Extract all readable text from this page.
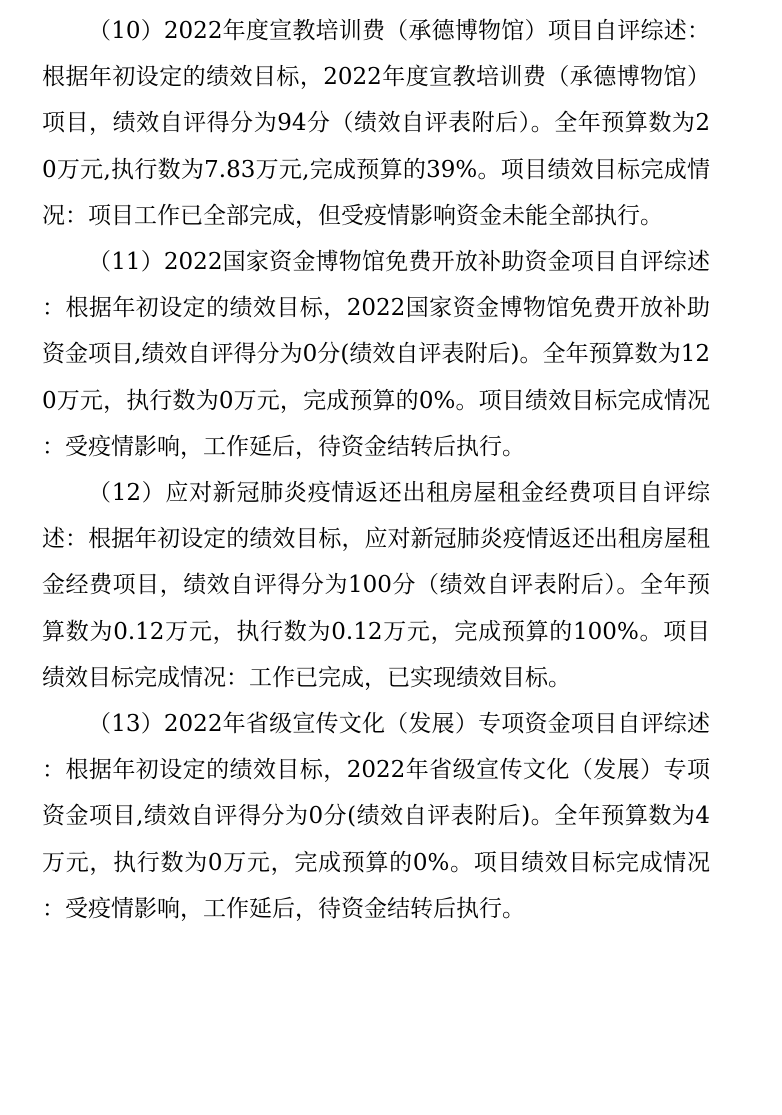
（10）2022年度宣教培训费（承德博物馆）项目自评综述：根据年初设定的绩效目标，2022年度宣教培训费（承德博物馆）项目，绩效自评得分为94分（绩效自评表附后）。全年预算数为20万元,执行数为7.83万元,完成预算的39%。项目绩效目标完成情况：项目工作已全部完成，但受疫情影响资金未能全部执行。

（11）2022国家资金博物馆免费开放补助资金项目自评综述：根据年初设定的绩效目标，2022国家资金博物馆免费开放补助资金项目,绩效自评得分为0分(绩效自评表附后)。全年预算数为120万元，执行数为0万元，完成预算的0%。项目绩效目标完成情况：受疫情影响，工作延后，待资金结转后执行。

（12）应对新冠肺炎疫情返还出租房屋租金经费项目自评综述：根据年初设定的绩效目标，应对新冠肺炎疫情返还出租房屋租金经费项目，绩效自评得分为100分（绩效自评表附后）。全年预算数为0.12万元，执行数为0.12万元，完成预算的100%。项目绩效目标完成情况：工作已完成，已实现绩效目标。

（13）2022年省级宣传文化（发展）专项资金项目自评综述：根据年初设定的绩效目标，2022年省级宣传文化（发展）专项资金项目,绩效自评得分为0分(绩效自评表附后)。全年预算数为4万元，执行数为0万元，完成预算的0%。项目绩效目标完成情况：受疫情影响，工作延后，待资金结转后执行。
